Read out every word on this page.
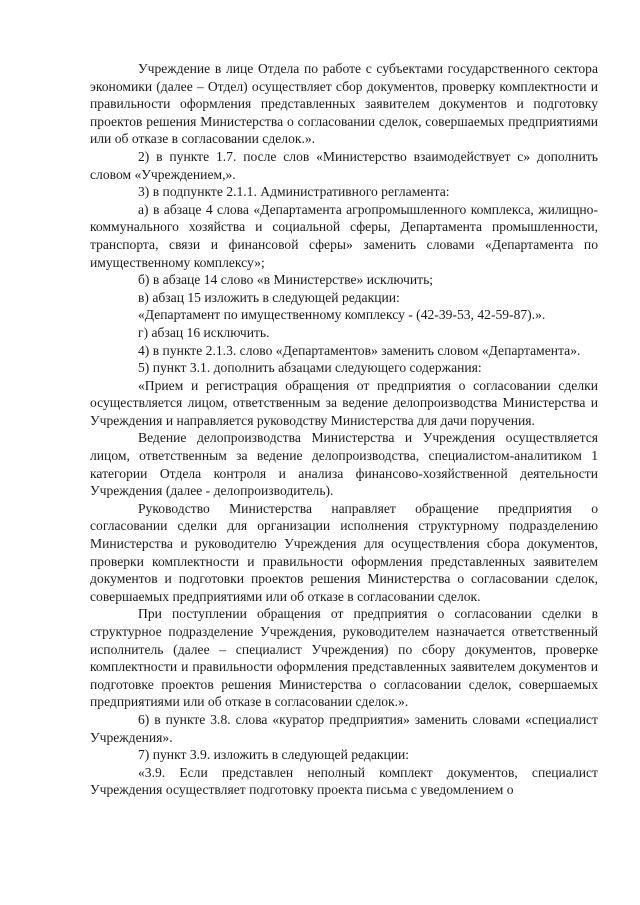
Учреждение в лице Отдела по работе с субъектами государственного сектора экономики (далее – Отдел) осуществляет сбор документов, проверку комплектности и правильности оформления представленных заявителем документов и подготовку проектов решения Министерства о согласовании сделок, совершаемых предприятиями или об отказе в согласовании сделок.».

2) в пункте 1.7. после слов «Министерство взаимодействует с» дополнить словом «Учреждением,».

3) в подпункте 2.1.1. Административного регламента:

а) в абзаце 4 слова «Департамента агропромышленного комплекса, жилищно-коммунального хозяйства и социальной сферы, Департамента промышленности, транспорта, связи и финансовой сферы» заменить словами «Департамента по имущественному комплексу»;

б) в абзаце 14 слово «в Министерстве» исключить;

в) абзац 15 изложить в следующей редакции:

«Департамент по имущественному комплексу - (42-39-53, 42-59-87).».

г) абзац 16 исключить.

4) в пункте 2.1.3. слово «Департаментов» заменить словом «Департамента».

5) пункт 3.1. дополнить абзацами следующего содержания:

«Прием и регистрация обращения от предприятия о согласовании сделки осуществляется лицом, ответственным за ведение делопроизводства Министерства и Учреждения и направляется руководству Министерства для дачи поручения.

Ведение делопроизводства Министерства и Учреждения осуществляется лицом, ответственным за ведение делопроизводства, специалистом-аналитиком 1 категории Отдела контроля и анализа финансово-хозяйственной деятельности Учреждения (далее - делопроизводитель).

Руководство Министерства направляет обращение предприятия о согласовании сделки для организации исполнения структурному подразделению Министерства и руководителю Учреждения для осуществления сбора документов, проверки комплектности и правильности оформления представленных заявителем документов и подготовки проектов решения Министерства о согласовании сделок, совершаемых предприятиями или об отказе в согласовании сделок.

При поступлении обращения от предприятия о согласовании сделки в структурное подразделение Учреждения, руководителем назначается ответственный исполнитель (далее – специалист Учреждения) по сбору документов, проверке комплектности и правильности оформления представленных заявителем документов и подготовке проектов решения Министерства о согласовании сделок, совершаемых предприятиями или об отказе в согласовании сделок.».

6) в пункте 3.8. слова «куратор предприятия» заменить словами «специалист Учреждения».

7) пункт 3.9. изложить в следующей редакции:

«3.9. Если представлен неполный комплект документов, специалист Учреждения осуществляет подготовку проекта письма с уведомлением о
